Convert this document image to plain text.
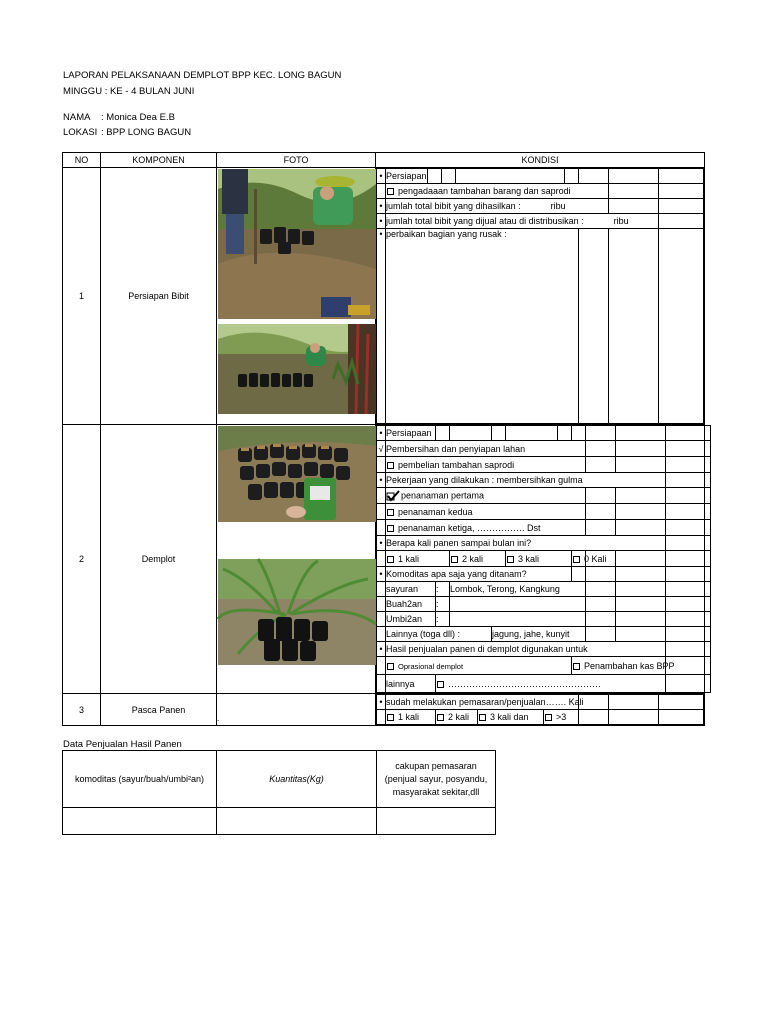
LAPORAN PELAKSANAAN DEMPLOT BPP KEC. LONG BAGUN
MINGGU : KE - 4 BULAN JUNI
NAMA : Monica Dea E.B
LOKASI : BPP LONG BAGUN
NO	KOMPONEN	FOTO	KONDISI
1	Persiapan Bibit		
•	Persiapan							
	pengadaaan tambahan barang dan saprodi		
•	jumlah total bibit yang dihasilkan :	ribu		
•	jumlah total bibit yang dijual atau di distribusikan :	ribu	
•	perbaikan bagian yang rusak :			

2	Demplot		
•	Persiapaan										
√	Pembersihan dan penyiapan lahan			
	pembelian tambahan saprodi			
•	Pekerjaan yang dilakukan : membersihkan gulma	
	penanaman pertama			
	penanaman kedua			
	penanaman ketiga, ……………. Dst			
•	Berapa kali panen sampai bulan ini?	
	1 kali	2 kali	3 kali	0 Kali			
•	Komoditas apa saja yang ditanam?				
	sayuran	:	Lombok, Terong, Kangkung			
	Buah2an	:				
	Umbi2an	:				
	Lainnya (toga dll) :	jagung, jahe, kunyit			
•	Hasil penjualan panen di demplot digunakan untuk	
	Oprasional demplot	Penambahan kas BPP	
	lainnya	……………………………………………	

3	Pasca Panen		
•	sudah melakukan pemasaran/penjualan……. Kali			
	1 kali	2 kali	3 kali dan	>3			
.
Data Penjualan Hasil Panen
komoditas (sayur/buah/umbi²an)	Kuantitas(Kg)	cakupan pemasaran (penjual sayur, posyandu, masyarakat sekitar,dll
